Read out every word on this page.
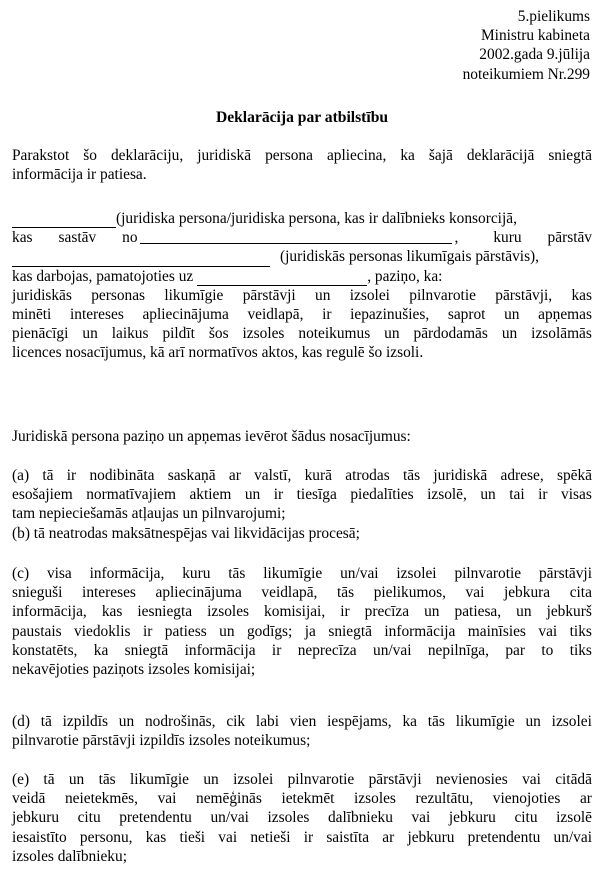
5.pielikums
Ministru kabineta
2002.gada 9.jūlija
noteikumiem Nr.299
Deklarācija par atbilstību
Parakstot šo deklarāciju, juridiskā persona apliecina, ka šajā deklarācijā sniegtā
informācija ir patiesa.
(juridiska persona/juridiska persona, kas ir dalībnieks konsorcijā,
kas sastāv no	, kuru pārstāv
(juridiskās personas likumīgais pārstāvis),
kas darbojas, pamatojoties uz	, paziņo, ka:
juridiskās personas likumīgie pārstāvji un izsolei pilnvarotie pārstāvji, kas
minēti intereses apliecinājuma veidlapā, ir iepazinušies, saprot un apņemas
pienācīgi un laikus pildīt šos izsoles noteikumus un pārdodamās un izsolāmās
licences nosacījumus, kā arī normatīvos aktos, kas regulē šo izsoli.
Juridiskā persona paziņo un apņemas ievērot šādus nosacījumus:
(a) tā ir nodibināta saskaņā ar valstī, kurā atrodas tās juridiskā adrese, spēkā
esošajiem normatīvajiem aktiem un ir tiesīga piedalīties izsolē, un tai ir visas
tam nepieciešamās atļaujas un pilnvarojumi;
(b) tā neatrodas maksātnespējas vai likvidācijas procesā;
(c) visa informācija, kuru tās likumīgie un/vai izsolei pilnvarotie pārstāvji
snieguši intereses apliecinājuma veidlapā, tās pielikumos, vai jebkura cita
informācija, kas iesniegta izsoles komisijai, ir precīza un patiesa, un jebkurš
paustais viedoklis ir patiess un godīgs; ja sniegtā informācija mainīsies vai tiks
konstatēts, ka sniegtā informācija ir neprecīza un/vai nepilnīga, par to tiks
nekavējoties paziņots izsoles komisijai;
(d) tā izpildīs un nodrošinās, cik labi vien iespējams, ka tās likumīgie un izsolei
pilnvarotie pārstāvji izpildīs izsoles noteikumus;
(e) tā un tās likumīgie un izsolei pilnvarotie pārstāvji nevienosies vai citādā
veidā neietekmēs, vai nemēģinās ietekmēt izsoles rezultātu, vienojoties ar
jebkuru citu pretendentu un/vai izsoles dalībnieku vai jebkuru citu izsolē
iesaistīto personu, kas tieši vai netieši ir saistīta ar jebkuru pretendentu un/vai
izsoles dalībnieku;
